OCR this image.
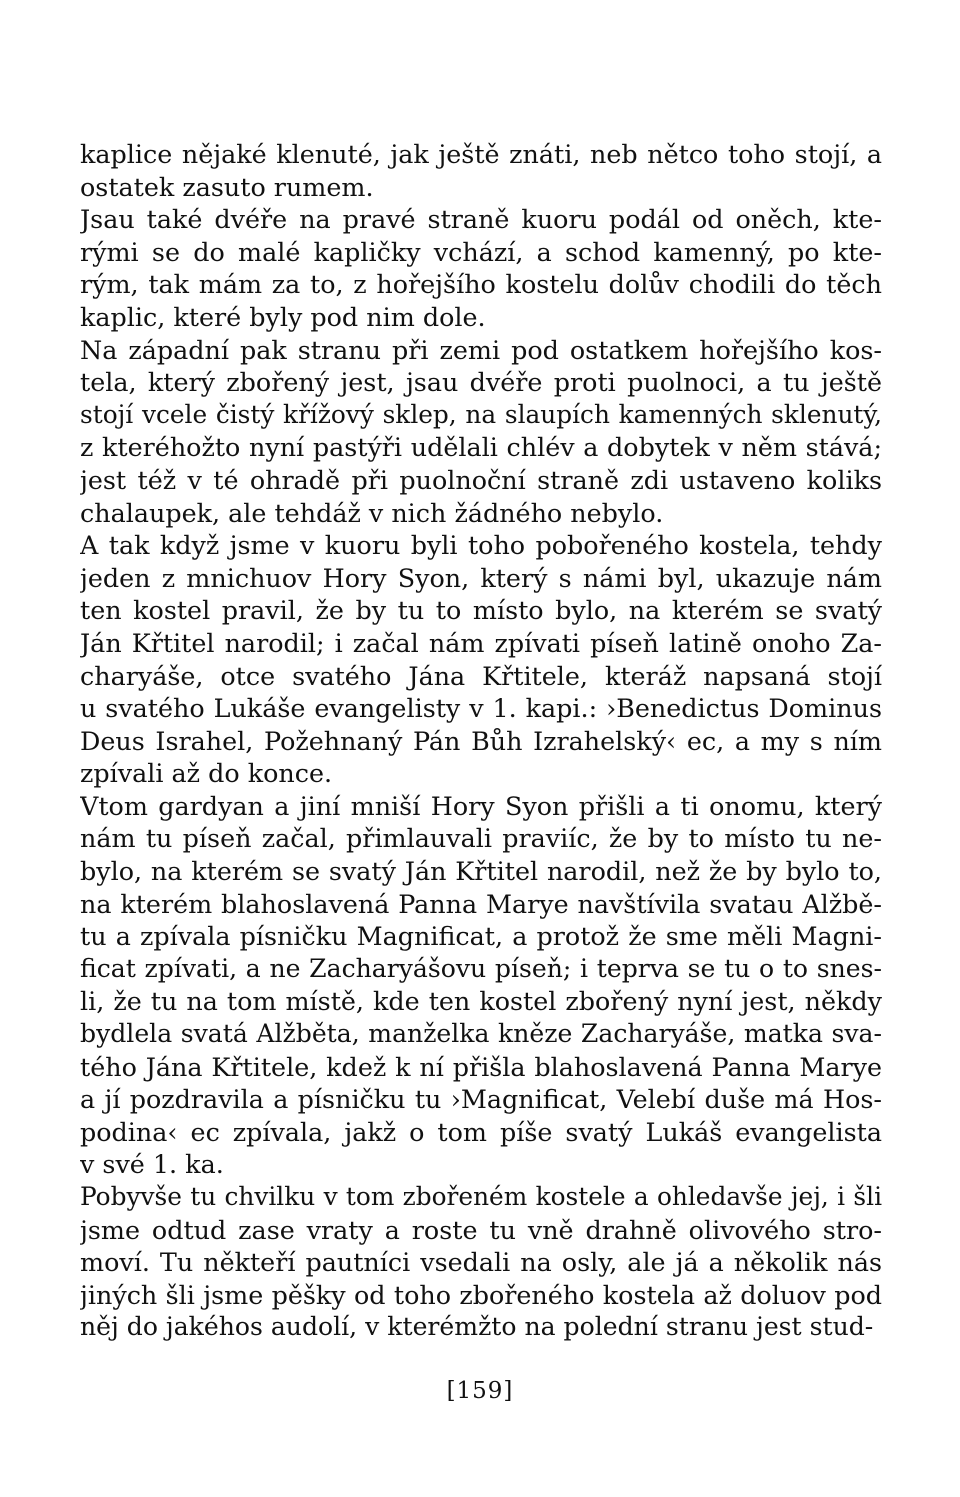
kaplice nějaké klenuté, jak ještě znáti, neb nětco toho stojí, a
ostatek zasuto rumem.
Jsau také dvéře na pravé straně kuoru podál od oněch, kte-
rými se do malé kapličky vchází, a schod kamenný, po kte-
rým, tak mám za to, z hořejšího kostelu dolův chodili do těch
kaplic, které byly pod nim dole.
Na západní pak stranu při zemi pod ostatkem hořejšího kos-
tela, který zbořený jest, jsau dvéře proti puolnoci, a tu ještě
stojí vcele čistý křížový sklep, na slaupích kamenných sklenutý,
z kteréhožto nyní pastýři udělali chlév a dobytek v něm stává;
jest též v té ohradě při puolnoční straně zdi ustaveno koliks
chalaupek, ale tehdáž v nich žádného nebylo.
A tak když jsme v kuoru byli toho pobořeného kostela, tehdy
jeden z mnichuov Hory Syon, který s námi byl, ukazuje nám
ten kostel pravil, že by tu to místo bylo, na kterém se svatý
Ján Křtitel narodil; i začal nám zpívati píseň latině onoho Za-
charyáše, otce svatého Jána Křtitele, kteráž napsaná stojí
u svatého Lukáše evangelisty v 1. kapi.: ›Benedictus Dominus
Deus Israhel, Požehnaný Pán Bůh Izrahelský‹ ec, a my s ním
zpívali až do konce.
Vtom gardyan a jiní mniší Hory Syon přišli a ti onomu, který
nám tu píseň začal, přimlauvali praviíc, že by to místo tu ne-
bylo, na kterém se svatý Ján Křtitel narodil, než že by bylo to,
na kterém blahoslavená Panna Marye navštívila svatau Alžbě-
tu a zpívala písničku Magnificat, a protož že sme měli Magni-
ficat zpívati, a ne Zacharyášovu píseň; i teprva se tu o to snes-
li, že tu na tom místě, kde ten kostel zbořený nyní jest, někdy
bydlela svatá Alžběta, manželka kněze Zacharyáše, matka sva-
tého Jána Křtitele, kdež k ní přišla blahoslavená Panna Marye
a jí pozdravila a písničku tu ›Magnificat, Velebí duše má Hos-
podina‹ ec zpívala, jakž o tom píše svatý Lukáš evangelista
v své 1. ka.
Pobyvše tu chvilku v tom zbořeném kostele a ohledavše jej, i šli
jsme odtud zase vraty a roste tu vně drahně olivového stro-
moví. Tu někteří pautníci vsedali na osly, ale já a několik nás
jiných šli jsme pěšky od toho zbořeného kostela až doluov pod
něj do jakéhos audolí, v kterémžto na polední stranu jest stud-
[159]
